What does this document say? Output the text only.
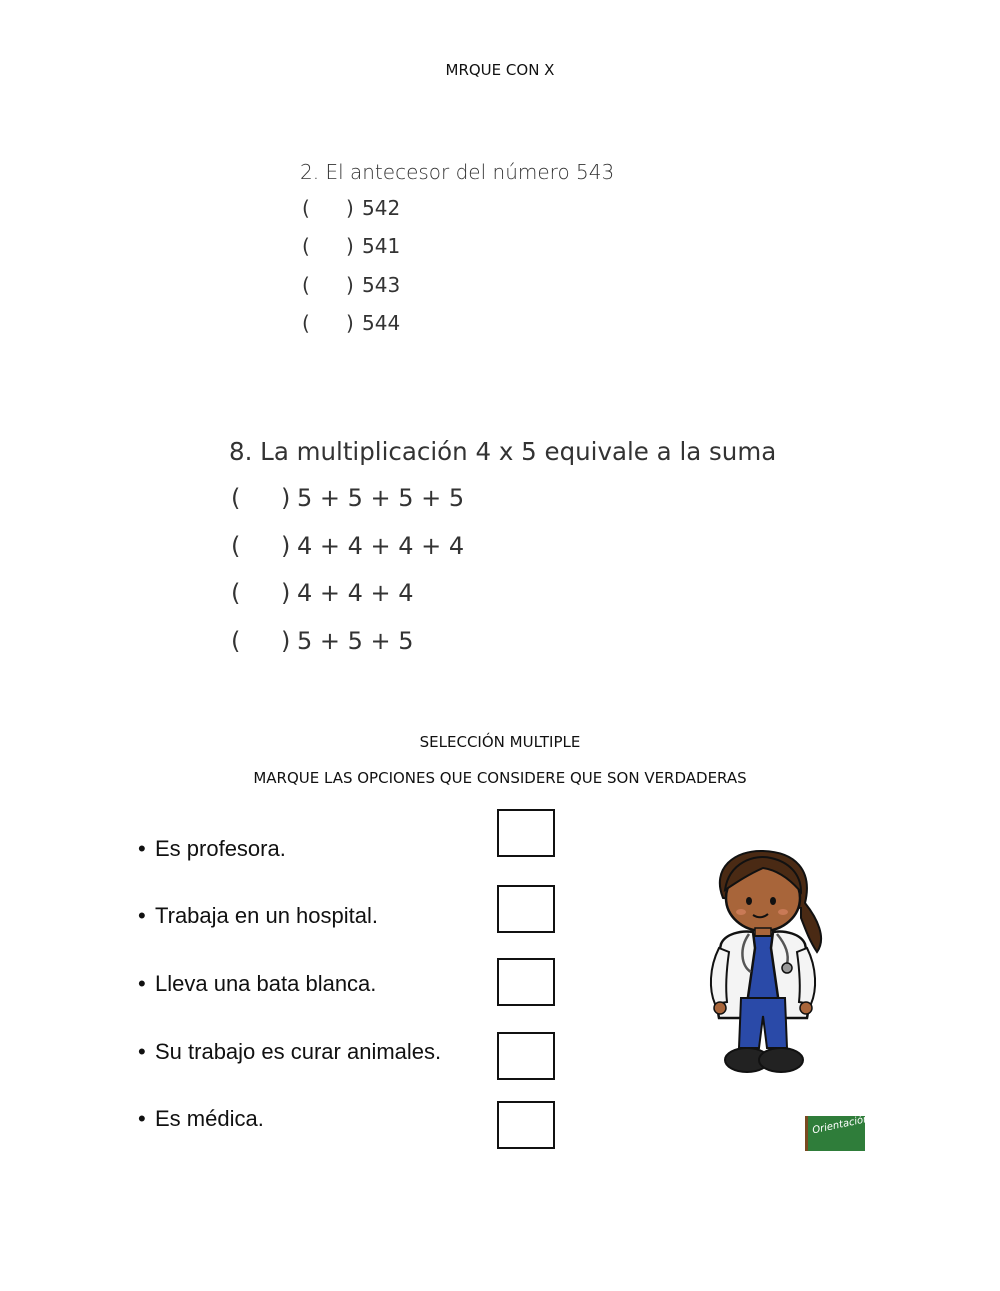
MRQUE CON X
2. El antecesor del número 543
( ) 542
( ) 541
( ) 543
( ) 544
8. La multiplicación 4 x 5 equivale a la suma
( ) 5 + 5 + 5 + 5
( ) 4 + 4 + 4 + 4
( ) 4 + 4 + 4
( ) 5 + 5 + 5
SELECCIÓN MULTIPLE
MARQUE LAS OPCIONES QUE CONSIDERE QUE SON VERDADERAS
• Es profesora.
• Trabaja en un hospital.
• Lleva una bata blanca.
• Su trabajo es curar animales.
• Es médica.	Orientación Andújar
